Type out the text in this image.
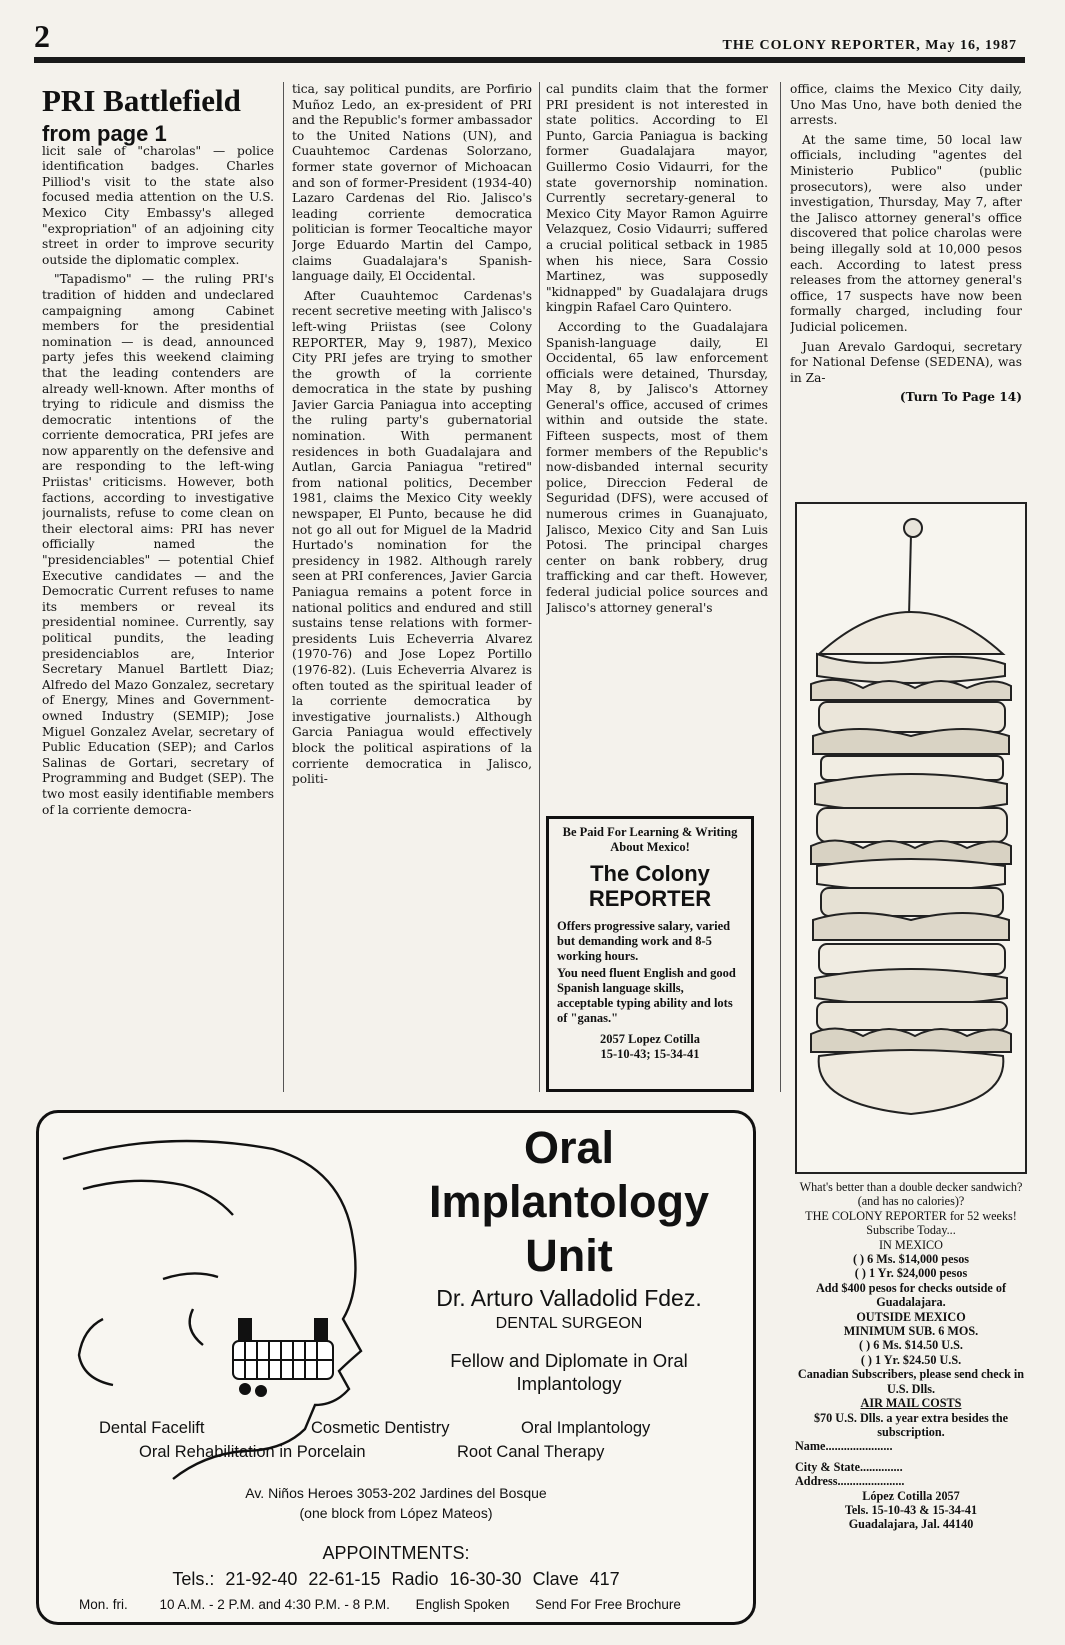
2	THE COLONY REPORTER, May 16, 1987
PRI Battlefield
from page 1

licit sale of "charolas" — police identification badges. Charles Pilliod's visit to the state also focused media attention on the U.S. Mexico City Embassy's alleged "expropriation" of an adjoining city street in order to improve security outside the diplomatic complex.

"Tapadismo" — the ruling PRI's tradition of hidden and undeclared campaigning among Cabinet members for the presidential nomination — is dead, announced party jefes this weekend claiming that the leading contenders are already well-known. After months of trying to ridicule and dismiss the democratic intentions of the corriente democratica, PRI jefes are now apparently on the defensive and are responding to the left-wing Priistas' criticisms. However, both factions, according to investigative journalists, refuse to come clean on their electoral aims: PRI has never officially named the "presidenciables" — potential Chief Executive candidates — and the Democratic Current refuses to name its members or reveal its presidential nominee. Currently, say political pundits, the leading presidenciablos are, Interior Secretary Manuel Bartlett Diaz; Alfredo del Mazo Gonzalez, secretary of Energy, Mines and Government-owned Industry (SEMIP); Jose Miguel Gonzalez Avelar, secretary of Public Education (SEP); and Carlos Salinas de Gortari, secretary of Programming and Budget (SEP). The two most easily identifiable members of la corriente democra-

tica, say political pundits, are Porfirio Muñoz Ledo, an ex-president of PRI and the Republic's former ambassador to the United Nations (UN), and Cuauhtemoc Cardenas Solorzano, former state governor of Michoacan and son of former-President (1934-40) Lazaro Cardenas del Rio. Jalisco's leading corriente democratica politician is former Teocaltiche mayor Jorge Eduardo Martin del Campo, claims Guadalajara's Spanish-language daily, El Occidental.

After Cuauhtemoc Cardenas's recent secretive meeting with Jalisco's left-wing Priistas (see Colony REPORTER, May 9, 1987), Mexico City PRI jefes are trying to smother the growth of la corriente democratica in the state by pushing Javier Garcia Paniagua into accepting the ruling party's gubernatorial nomination. With permanent residences in both Guadalajara and Autlan, Garcia Paniagua "retired" from national politics, December 1981, claims the Mexico City weekly newspaper, El Punto, because he did not go all out for Miguel de la Madrid Hurtado's nomination for the presidency in 1982. Although rarely seen at PRI conferences, Javier Garcia Paniagua remains a potent force in national politics and endured and still sustains tense relations with former-presidents Luis Echeverria Alvarez (1970-76) and Jose Lopez Portillo (1976-82). (Luis Echeverria Alvarez is often touted as the spiritual leader of la corriente democratica by investigative journalists.) Although Garcia Paniagua would effectively block the political aspirations of la corriente democratica in Jalisco, politi-

cal pundits claim that the former PRI president is not interested in state politics. According to El Punto, Garcia Paniagua is backing former Guadalajara mayor, Guillermo Cosio Vidaurri, for the state governorship nomination. Currently secretary-general to Mexico City Mayor Ramon Aguirre Velazquez, Cosio Vidaurri; suffered a crucial political setback in 1985 when his niece, Sara Cossio Martinez, was supposedly "kidnapped" by Guadalajara drugs kingpin Rafael Caro Quintero.

According to the Guadalajara Spanish-language daily, El Occidental, 65 law enforcement officials were detained, Thursday, May 8, by Jalisco's Attorney General's office, accused of crimes within and outside the state. Fifteen suspects, most of them former members of the Republic's now-disbanded internal security police, Direccion Federal de Seguridad (DFS), were accused of numerous crimes in Guanajuato, Jalisco, Mexico City and San Luis Potosi. The principal charges center on bank robbery, drug trafficking and car theft. However, federal judicial police sources and Jalisco's attorney general's

office, claims the Mexico City daily, Uno Mas Uno, have both denied the arrests.

At the same time, 50 local law officials, including "agentes del Ministerio Publico" (public prosecutors), were also under investigation, Thursday, May 7, after the Jalisco attorney general's office discovered that police charolas were being illegally sold at 10,000 pesos each. According to latest press releases from the attorney general's office, 17 suspects have now been formally charged, including four Judicial policemen.

Juan Arevalo Gardoqui, secretary for National Defense (SEDENA), was in Za-

(Turn To Page 14)
Be Paid For Learning & Writing About Mexico!
The Colony
REPORTER
Offers progressive salary, varied but demanding work and 8-5 working hours.
You need fluent English and good Spanish language skills, acceptable typing ability and lots of "ganas."
2057 Lopez Cotilla
15-10-43; 15-34-41
What's better than a double decker sandwich? (and has no calories)?
THE COLONY REPORTER for 52 weeks!
Subscribe Today...
IN MEXICO
( ) 6 Ms. $14,000 pesos
( ) 1 Yr. $24,000 pesos
Add $400 pesos for checks outside of Guadalajara.
OUTSIDE MEXICO
MINIMUM SUB. 6 MOS.
( ) 6 Ms. $14.50 U.S.
( ) 1 Yr. $24.50 U.S.
Canadian Subscribers, please send check in U.S. Dlls.
AIR MAIL COSTS
$70 U.S. Dlls. a year extra besides the subscription.
Name......................
City & State..............
Address......................
López Cotilla 2057
Tels. 15-10-43 & 15-34-41
Guadalajara, Jal. 44140
Oral
Implantology
Unit
Dr. Arturo Valladolid Fdez.
DENTAL SURGEON
Fellow and Diplomate in Oral
Implantology
Dental Facelift	Cosmetic Dentistry	Oral Implantology
Oral Rehabilitation in Porcelain	Root Canal Therapy
Av. Niños Heroes 3053-202 Jardines del Bosque
(one block from López Mateos)
APPOINTMENTS:
Tels.: 21-92-40 22-61-15 Radio 16-30-30 Clave 417
Mon. fri. 10 A.M. - 2 P.M. and 4:30 P.M. - 8 P.M. English Spoken Send For Free Brochure
